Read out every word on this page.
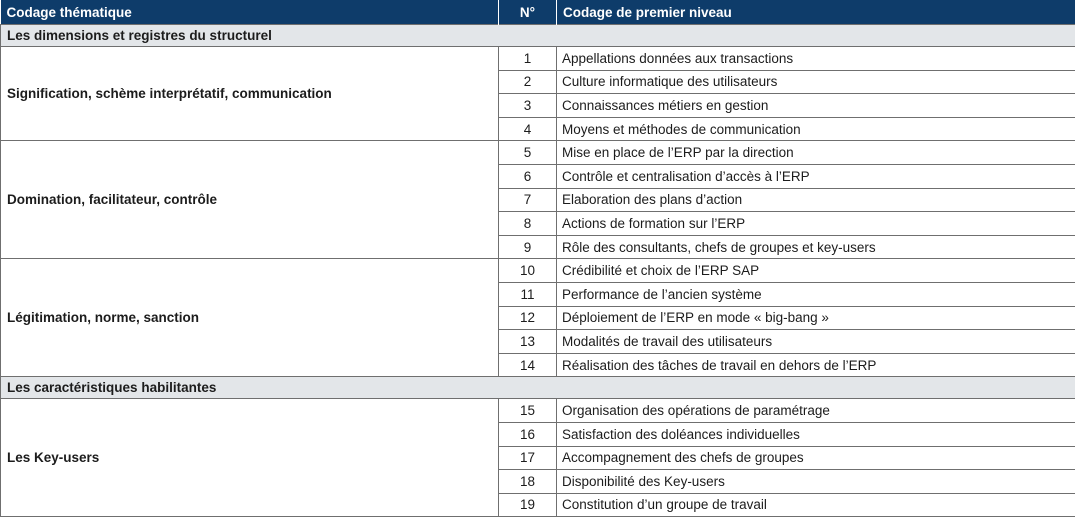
Codage thématique	N°	Codage de premier niveau
Les dimensions et registres du structurel		
Signification, schème interprétatif, communication	1	Appellations données aux transactions
	2	Culture informatique des utilisateurs
	3	Connaissances métiers en gestion
	4	Moyens et méthodes de communication
Domination, facilitateur, contrôle	5	Mise en place de l’ERP par la direction
	6	Contrôle et centralisation d’accès à l’ERP
	7	Elaboration des plans d’action
	8	Actions de formation sur l’ERP
	9	Rôle des consultants, chefs de groupes et key-users
Légitimation, norme, sanction	10	Crédibilité et choix de l’ERP SAP
	11	Performance de l’ancien système
	12	Déploiement de l’ERP en mode « big-bang »
	13	Modalités de travail des utilisateurs
	14	Réalisation des tâches de travail en dehors de l’ERP
Les caractéristiques habilitantes		
Les Key-users	15	Organisation des opérations de paramétrage
	16	Satisfaction des doléances individuelles
	17	Accompagnement des chefs de groupes
	18	Disponibilité des Key-users
	19	Constitution d’un groupe de travail
